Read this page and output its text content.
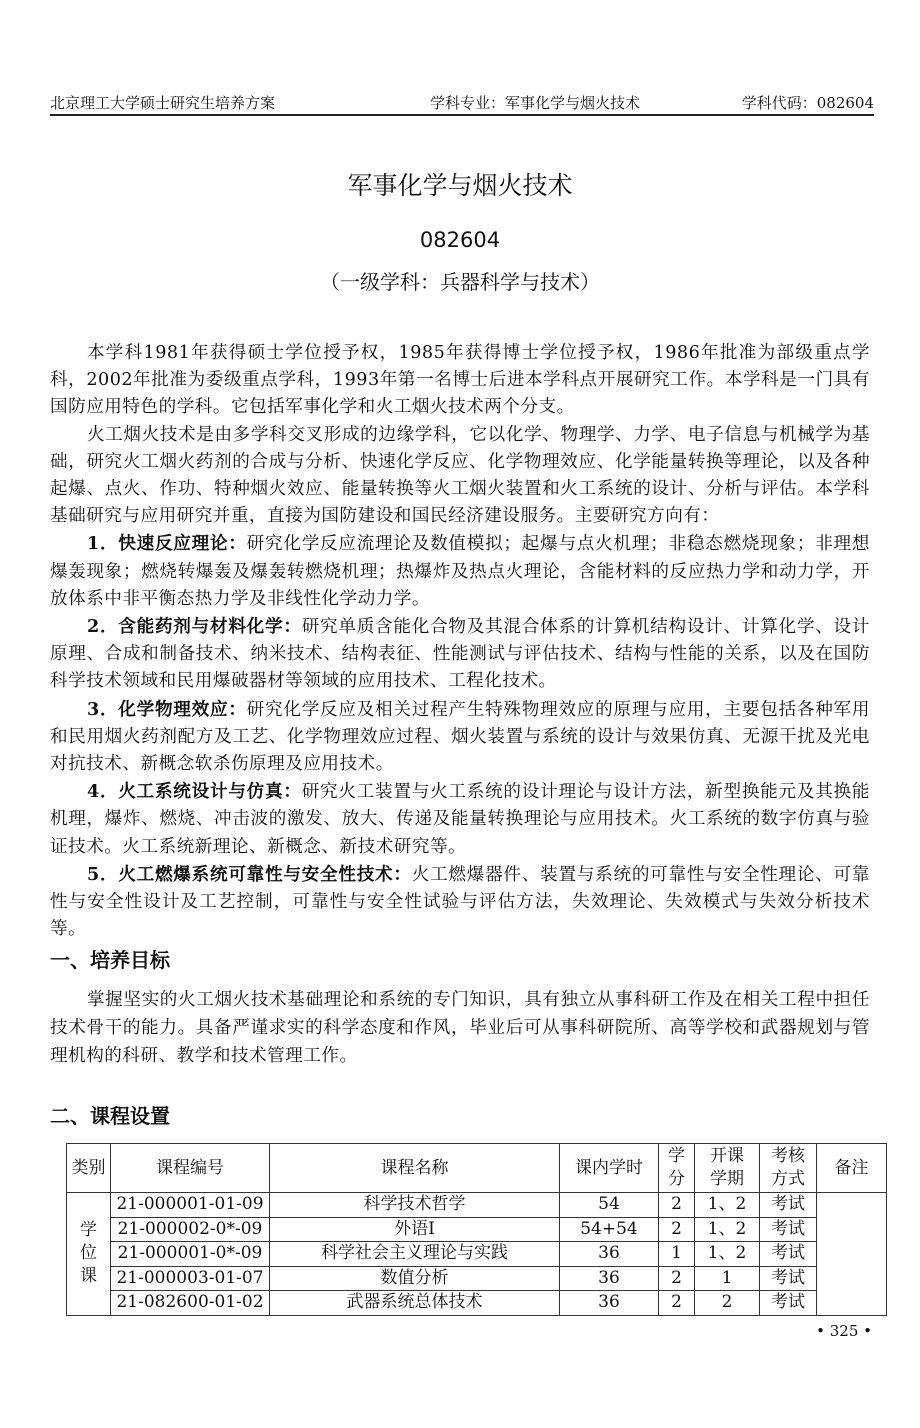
北京理工大学硕士研究生培养方案	学科专业：军事化学与烟火技术	学科代码：082604
军事化学与烟火技术
082604
（一级学科：兵器科学与技术）

本学科1981年获得硕士学位授予权，1985年获得博士学位授予权，1986年批准为部级重点学科，2002年批准为委级重点学科，1993年第一名博士后进本学科点开展研究工作。本学科是一门具有国防应用特色的学科。它包括军事化学和火工烟火技术两个分支。

火工烟火技术是由多学科交叉形成的边缘学科，它以化学、物理学、力学、电子信息与机械学为基础，研究火工烟火药剂的合成与分析、快速化学反应、化学物理效应、化学能量转换等理论，以及各种起爆、点火、作功、特种烟火效应、能量转换等火工烟火装置和火工系统的设计、分析与评估。本学科基础研究与应用研究并重，直接为国防建设和国民经济建设服务。主要研究方向有：

1．快速反应理论：研究化学反应流理论及数值模拟；起爆与点火机理；非稳态燃烧现象；非理想爆轰现象；燃烧转爆轰及爆轰转燃烧机理；热爆炸及热点火理论，含能材料的反应热力学和动力学，开放体系中非平衡态热力学及非线性化学动力学。

2．含能药剂与材料化学：研究单质含能化合物及其混合体系的计算机结构设计、计算化学、设计原理、合成和制备技术、纳米技术、结构表征、性能测试与评估技术、结构与性能的关系，以及在国防科学技术领域和民用爆破器材等领域的应用技术、工程化技术。

3．化学物理效应：研究化学反应及相关过程产生特殊物理效应的原理与应用，主要包括各种军用和民用烟火药剂配方及工艺、化学物理效应过程、烟火装置与系统的设计与效果仿真、无源干扰及光电对抗技术、新概念软杀伤原理及应用技术。

4．火工系统设计与仿真：研究火工装置与火工系统的设计理论与设计方法，新型换能元及其换能机理，爆炸、燃烧、冲击波的激发、放大、传递及能量转换理论与应用技术。火工系统的数字仿真与验证技术。火工系统新理论、新概念、新技术研究等。

5．火工燃爆系统可靠性与安全性技术：火工燃爆器件、装置与系统的可靠性与安全性理论、可靠性与安全性设计及工艺控制，可靠性与安全性试验与评估方法，失效理论、失效模式与失效分析技术等。

一、培养目标

掌握坚实的火工烟火技术基础理论和系统的专门知识，具有独立从事科研工作及在相关工程中担任技术骨干的能力。具备严谨求实的科学态度和作风，毕业后可从事科研院所、高等学校和武器规划与管理机构的科研、教学和技术管理工作。

二、课程设置
类别	课程编号	课程名称	课内学时	学分	开课学期	考核方式	备注
学位课	21-000001-01-09	科学技术哲学	54	2	1、2	考试	
	21-000002-0*-09	外语Ⅰ	54+54	2	1、2	考试	
	21-000001-0*-09	科学社会主义理论与实践	36	1	1、2	考试	
	21-000003-01-07	数值分析	36	2	1	考试	
	21-082600-01-02	武器系统总体技术	36	2	2	考试	
• 325 •
